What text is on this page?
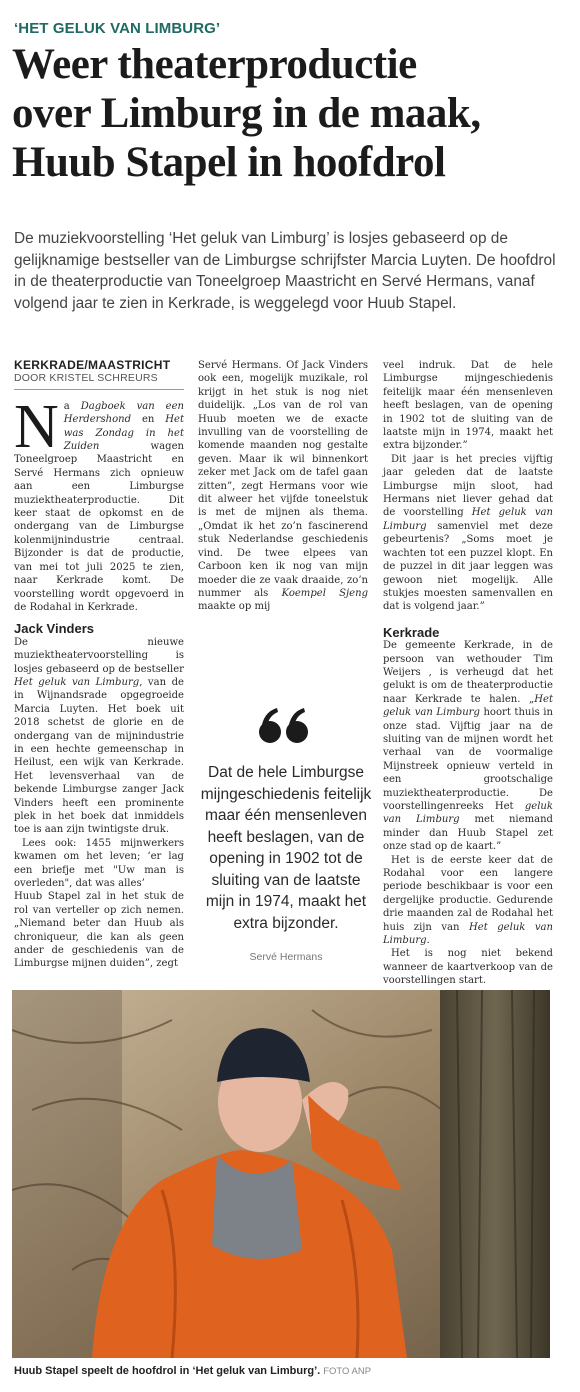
‘HET GELUK VAN LIMBURG’
Weer theaterproductie
over Limburg in de maak,
Huub Stapel in hoofdrol
De muziekvoorstelling ‘Het geluk van Limburg’ is losjes gebaseerd op de gelijknamige bestseller van de Limburgse schrijfster Marcia Luyten. De hoofdrol in de theaterproductie van Toneelgroep Maastricht en Servé Hermans, vanaf volgend jaar te zien in Kerkrade, is weggelegd voor Huub Stapel.
KERKRADE/MAASTRICHT
DOOR KRISTEL SCHREURS

Na Dagboek van een Herdershond en Het was Zondag in het Zuiden wagen Toneelgroep Maastricht en Servé Hermans zich opnieuw aan een Limburgse muziektheaterproductie. Dit keer staat de opkomst en de ondergang van de Limburgse kolenmijnindustrie centraal. Bijzonder is dat de productie, van mei tot juli 2025 te zien, naar Kerkrade komt. De voorstelling wordt opgevoerd in de Rodahal in Kerkrade.

Jack Vinders

De nieuwe muziektheatervoorstelling is losjes gebaseerd op de bestseller Het geluk van Limburg, van de in Wijnandsrade opgegroeide Marcia Luyten. Het boek uit 2018 schetst de glorie en de ondergang van de mijnindustrie in een hechte gemeenschap in Heilust, een wijk van Kerkrade. Het levensverhaal van de bekende Limburgse zanger Jack Vinders heeft een prominente plek in het boek dat inmiddels toe is aan zijn twintigste druk.

Lees ook: 1455 mijnwerkers kwamen om het leven; ‘er lag een briefje met "Uw man is overleden", dat was alles’

Huub Stapel zal in het stuk de rol van verteller op zich nemen. „Niemand beter dan Huub als chroniqueur, die kan als geen ander de geschiedenis van de Limburgse mijnen duiden”, zegt

Servé Hermans. Of Jack Vinders ook een, mogelijk muzikale, rol krijgt in het stuk is nog niet duidelijk. „Los van de rol van Huub moeten we de exacte invulling van de voorstelling de komende maanden nog gestalte geven. Maar ik wil binnenkort zeker met Jack om de tafel gaan zitten”, zegt Hermans voor wie dit alweer het vijfde toneelstuk is met de mijnen als thema. „Omdat ik het zo’n fascinerend stuk Nederlandse geschiedenis vind. De twee elpees van Carboon ken ik nog van mijn moeder die ze vaak draaide, zo’n nummer als Koempel Sjeng maakte op mij

Dat de hele Limburgse mijngeschiedenis feitelijk maar één mensenleven heeft beslagen, van de opening in 1902 tot de sluiting van de laatste mijn in 1974, maakt het extra bijzonder.
Servé Hermans

veel indruk. Dat de hele Limburgse mijngeschiedenis feitelijk maar één mensenleven heeft beslagen, van de opening in 1902 tot de sluiting van de laatste mijn in 1974, maakt het extra bijzonder.”

Dit jaar is het precies vijftig jaar geleden dat de laatste Limburgse mijn sloot, had Hermans niet liever gehad dat de voorstelling Het geluk van Limburg samenviel met deze gebeurtenis? „Soms moet je wachten tot een puzzel klopt. En de puzzel in dit jaar leggen was gewoon niet mogelijk. Alle stukjes moesten samenvallen en dat is volgend jaar.”

Kerkrade

De gemeente Kerkrade, in de persoon van wethouder Tim Weijers , is verheugd dat het gelukt is om de theaterproductie naar Kerkrade te halen. „Het geluk van Limburg hoort thuis in onze stad. Vijftig jaar na de sluiting van de mijnen wordt het verhaal van de voormalige Mijnstreek opnieuw verteld in een grootschalige muziektheaterproductie. De voorstellingenreeks Het geluk van Limburg met niemand minder dan Huub Stapel zet onze stad op de kaart.”

Het is de eerste keer dat de Rodahal voor een langere periode beschikbaar is voor een dergelijke productie. Gedurende drie maanden zal de Rodahal het huis zijn van Het geluk van Limburg.

Het is nog niet bekend wanneer de kaartverkoop van de voorstellingen start.

Huub Stapel speelt de hoofdrol in ‘Het geluk van Limburg’. FOTO ANP
